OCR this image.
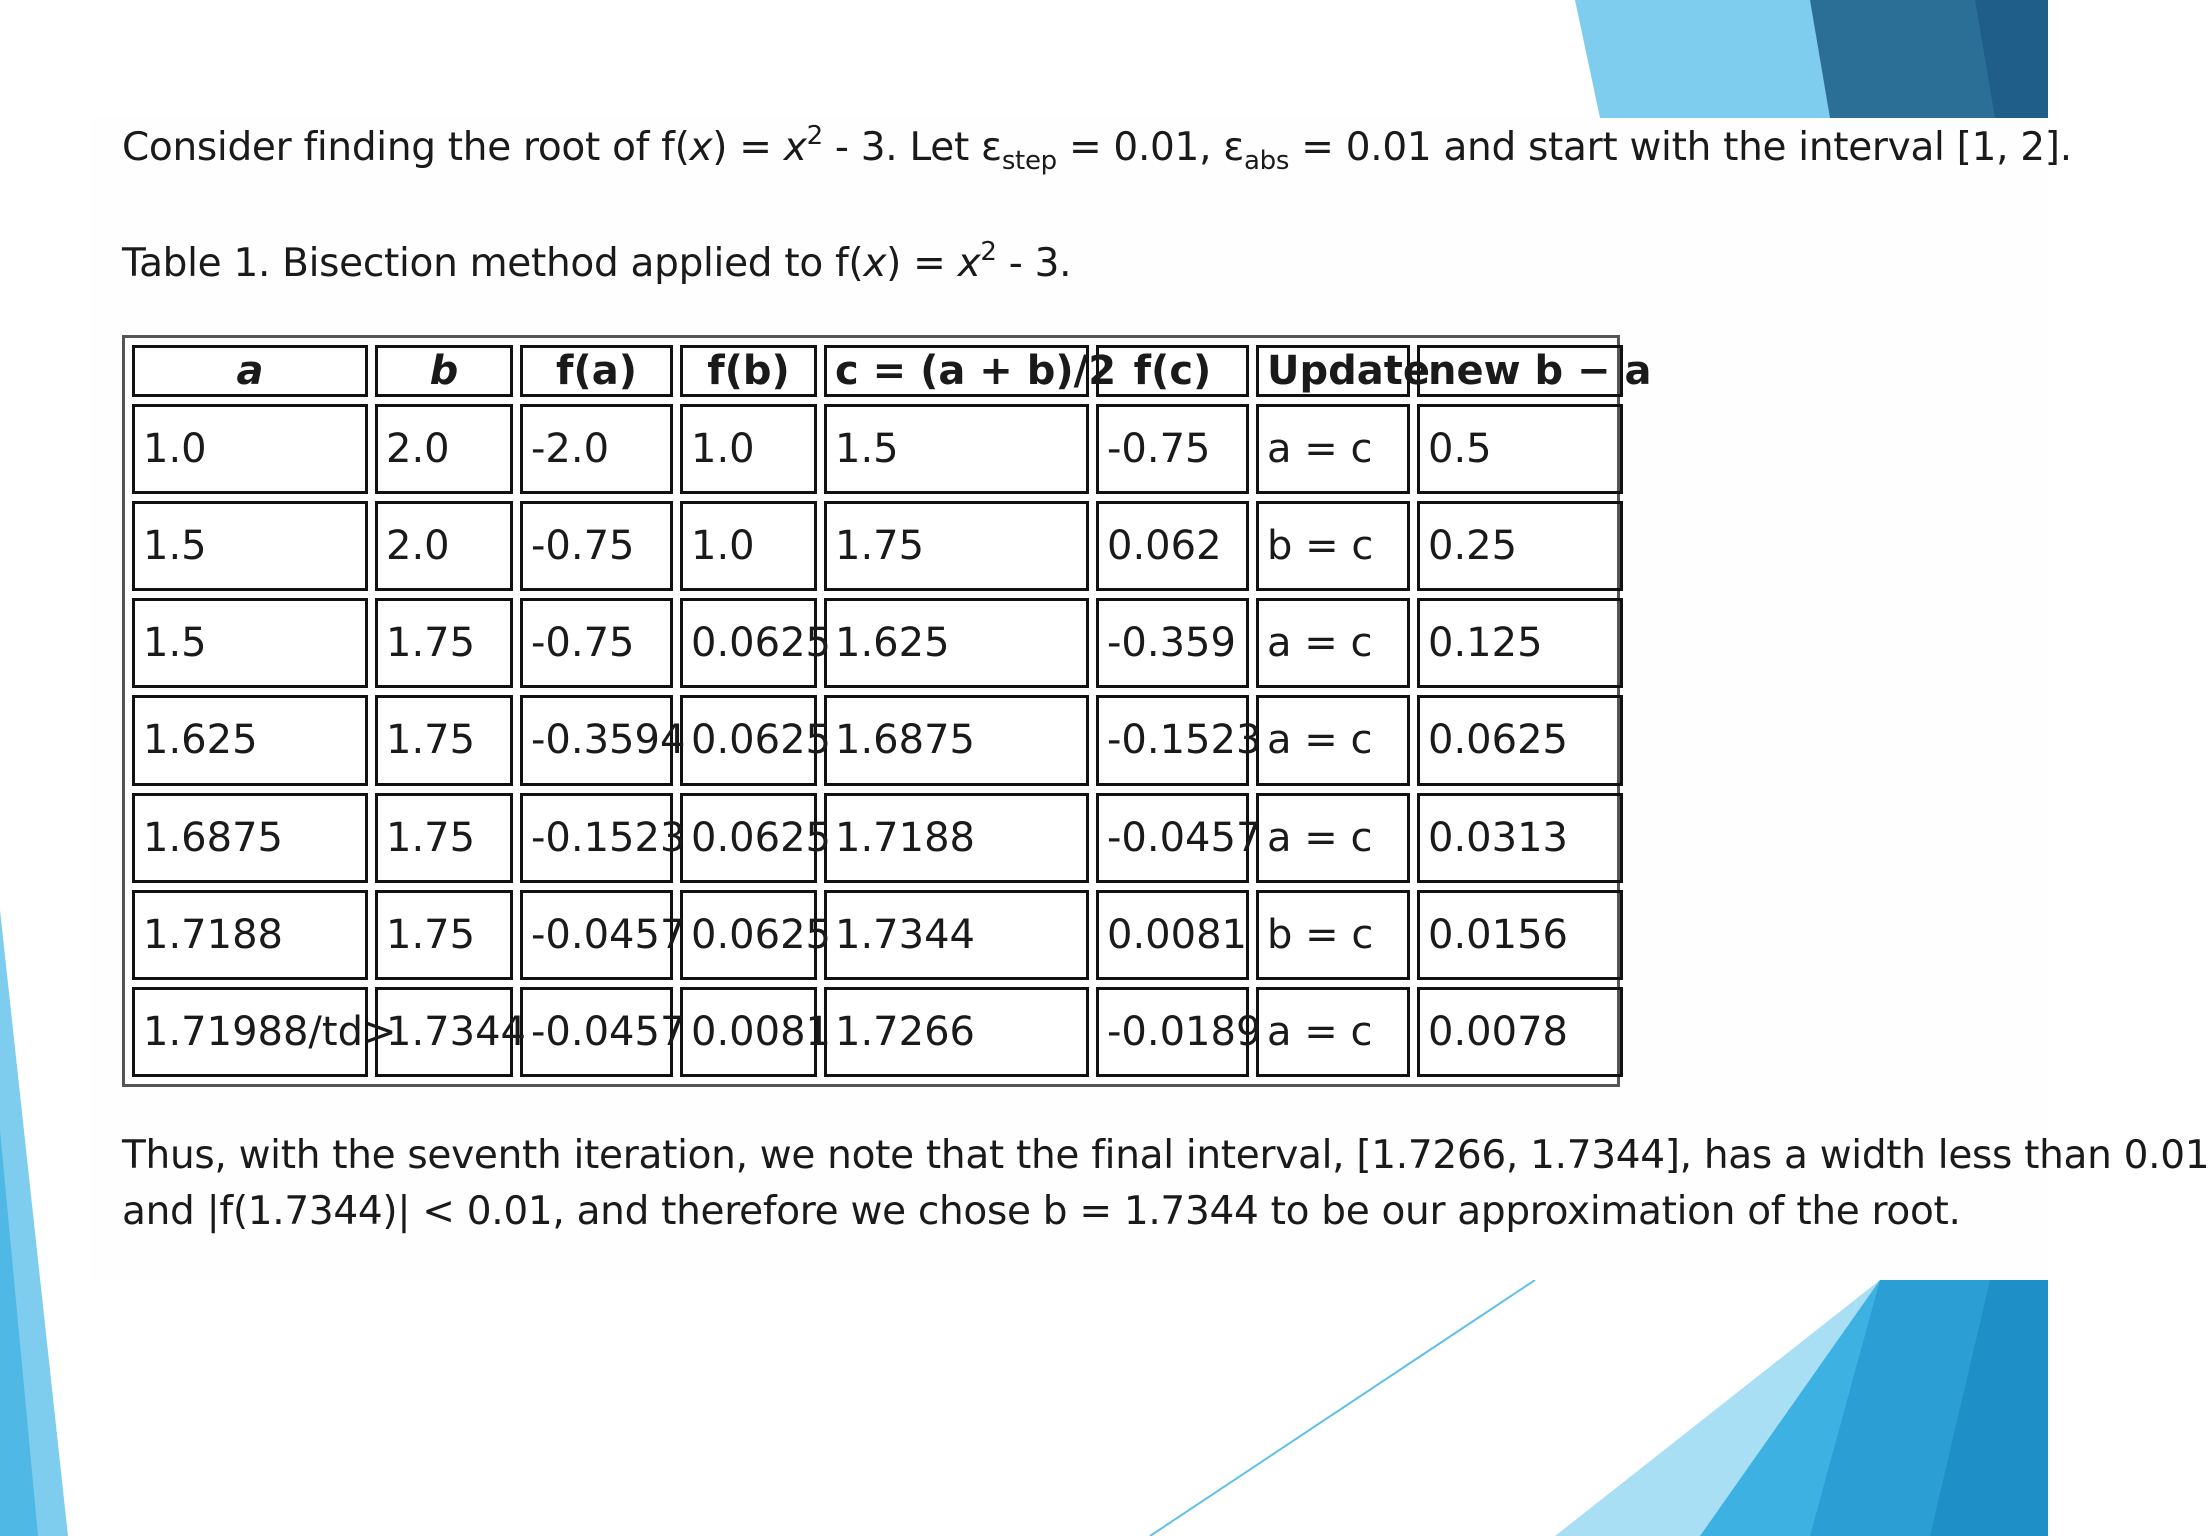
Consider finding the root of $f(x) = x^2 - 3$. Let $\varepsilon_{step} = 0.01$, $\varepsilon_{abs} = 0.01$ and start with the interval [1, 2].

Table 1. Bisection method applied to $f(x) = x^2 - 3$.

a	b	f(a)	f(b)	c = (a + b)/2	f(c)	Update	new b − a
1.0	2.0	-2.0	1.0	1.5	-0.75	a = c	0.5
1.5	2.0	-0.75	1.0	1.75	0.062	b = c	0.25
1.5	1.75	-0.75	0.0625	1.625	-0.359	a = c	0.125
1.625	1.75	-0.3594	0.0625	1.6875	-0.1523	a = c	0.0625
1.6875	1.75	-0.1523	0.0625	1.7188	-0.0457	a = c	0.0313
1.7188	1.75	-0.0457	0.0625	1.7344	0.0081	b = c	0.0156
1.71988/td>	1.7344	-0.0457	0.0081	1.7266	-0.0189	a = c	0.0078

Thus, with the seventh iteration, we note that the final interval, [1.7266, 1.7344], has a width less than 0.01
and |f(1.7344)| < 0.01, and therefore we chose b = 1.7344 to be our approximation of the root.
